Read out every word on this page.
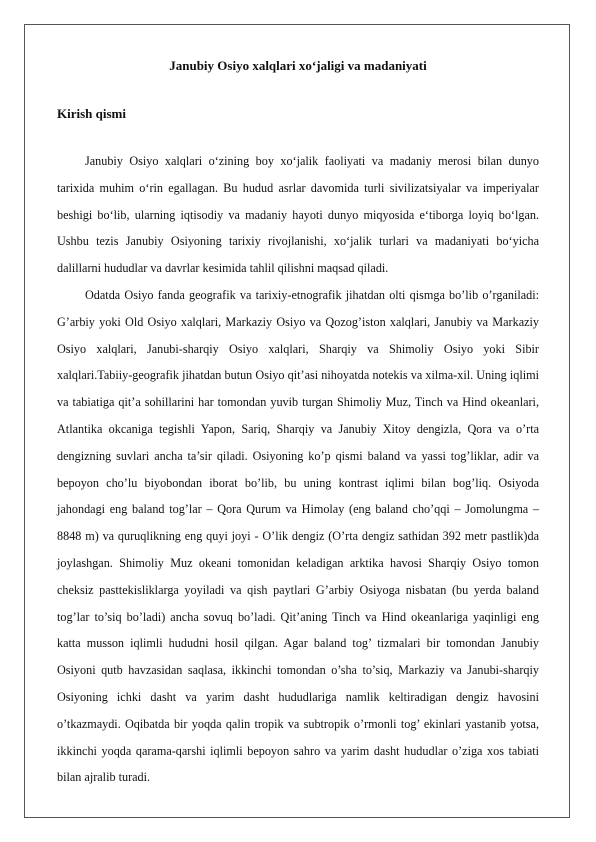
Janubiy Osiyo xalqlari xo‘jaligi va madaniyati
Kirish qismi

Janubiy Osiyo xalqlari o‘zining boy xo‘jalik faoliyati va madaniy merosi bilan dunyo tarixida muhim o‘rin egallagan. Bu hudud asrlar davomida turli sivilizatsiyalar va imperiyalar beshigi bo‘lib, ularning iqtisodiy va madaniy hayoti dunyo miqyosida e‘tiborga loyiq bo‘lgan. Ushbu tezis Janubiy Osiyoning tarixiy rivojlanishi, xo‘jalik turlari va madaniyati bo‘yicha dalillarni hududlar va davrlar kesimida tahlil qilishni maqsad qiladi.

Odatda Osiyo fanda geografik va tarixiy-etnografik jihatdan olti qismga bo’lib o’rganiladi: G’arbiy yoki Old Osiyo xalqlari, Markaziy Osiyo va Qozog’iston xalqlari, Janubiy va Markaziy Osiyo xalqlari, Janubi-sharqiy Osiyo xalqlari, Sharqiy va Shimoliy Osiyo yoki Sibir xalqlari.Tabiiy-geografik jihatdan butun Osiyo qit’asi nihoyatda notekis va xilma-xil. Uning iqlimi va tabiatiga qit’a sohillarini har tomondan yuvib turgan Shimoliy Muz, Tinch va Hind okeanlari, Atlantika okcaniga tegishli Yapon, Sariq, Sharqiy va Janubiy Xitoy dengizla, Qora va o’rta dengizning suvlari ancha ta’sir qiladi. Osiyoning ko’p qismi baland va yassi tog’liklar, adir va bepoyon cho’lu biyobondan iborat bo’lib, bu uning kontrast iqlimi bilan bog’liq. Osiyoda jahondagi eng baland tog’lar – Qora Qurum va Himolay (eng baland cho’qqi – Jomolungma – 8848 m) va quruqlikning eng quyi joyi - O’lik dengiz (O’rta dengiz sathidan 392 metr pastlik)da joylashgan. Shimoliy Muz okeani tomonidan keladigan arktika havosi Sharqiy Osiyo tomon cheksiz pasttekisliklarga yoyiladi va qish paytlari G’arbiy Osiyoga nisbatan (bu yerda baland tog’lar to’siq bo’ladi) ancha sovuq bo’ladi. Qit’aning Tinch va Hind okeanlariga yaqinligi eng katta musson iqlimli hududni hosil qilgan. Agar baland tog’ tizmalari bir tomondan Janubiy Osiyoni qutb havzasidan saqlasa, ikkinchi tomondan o’sha to’siq, Markaziy va Janubi-sharqiy Osiyoning ichki dasht va yarim dasht hududlariga namlik keltiradigan dengiz havosini o’tkazmaydi. Oqibatda bir yoqda qalin tropik va subtropik o’rmonli tog’ ekinlari yastanib yotsa, ikkinchi yoqda qarama-qarshi iqlimli bepoyon sahro va yarim dasht hududlar o’ziga xos tabiati bilan ajralib turadi.
